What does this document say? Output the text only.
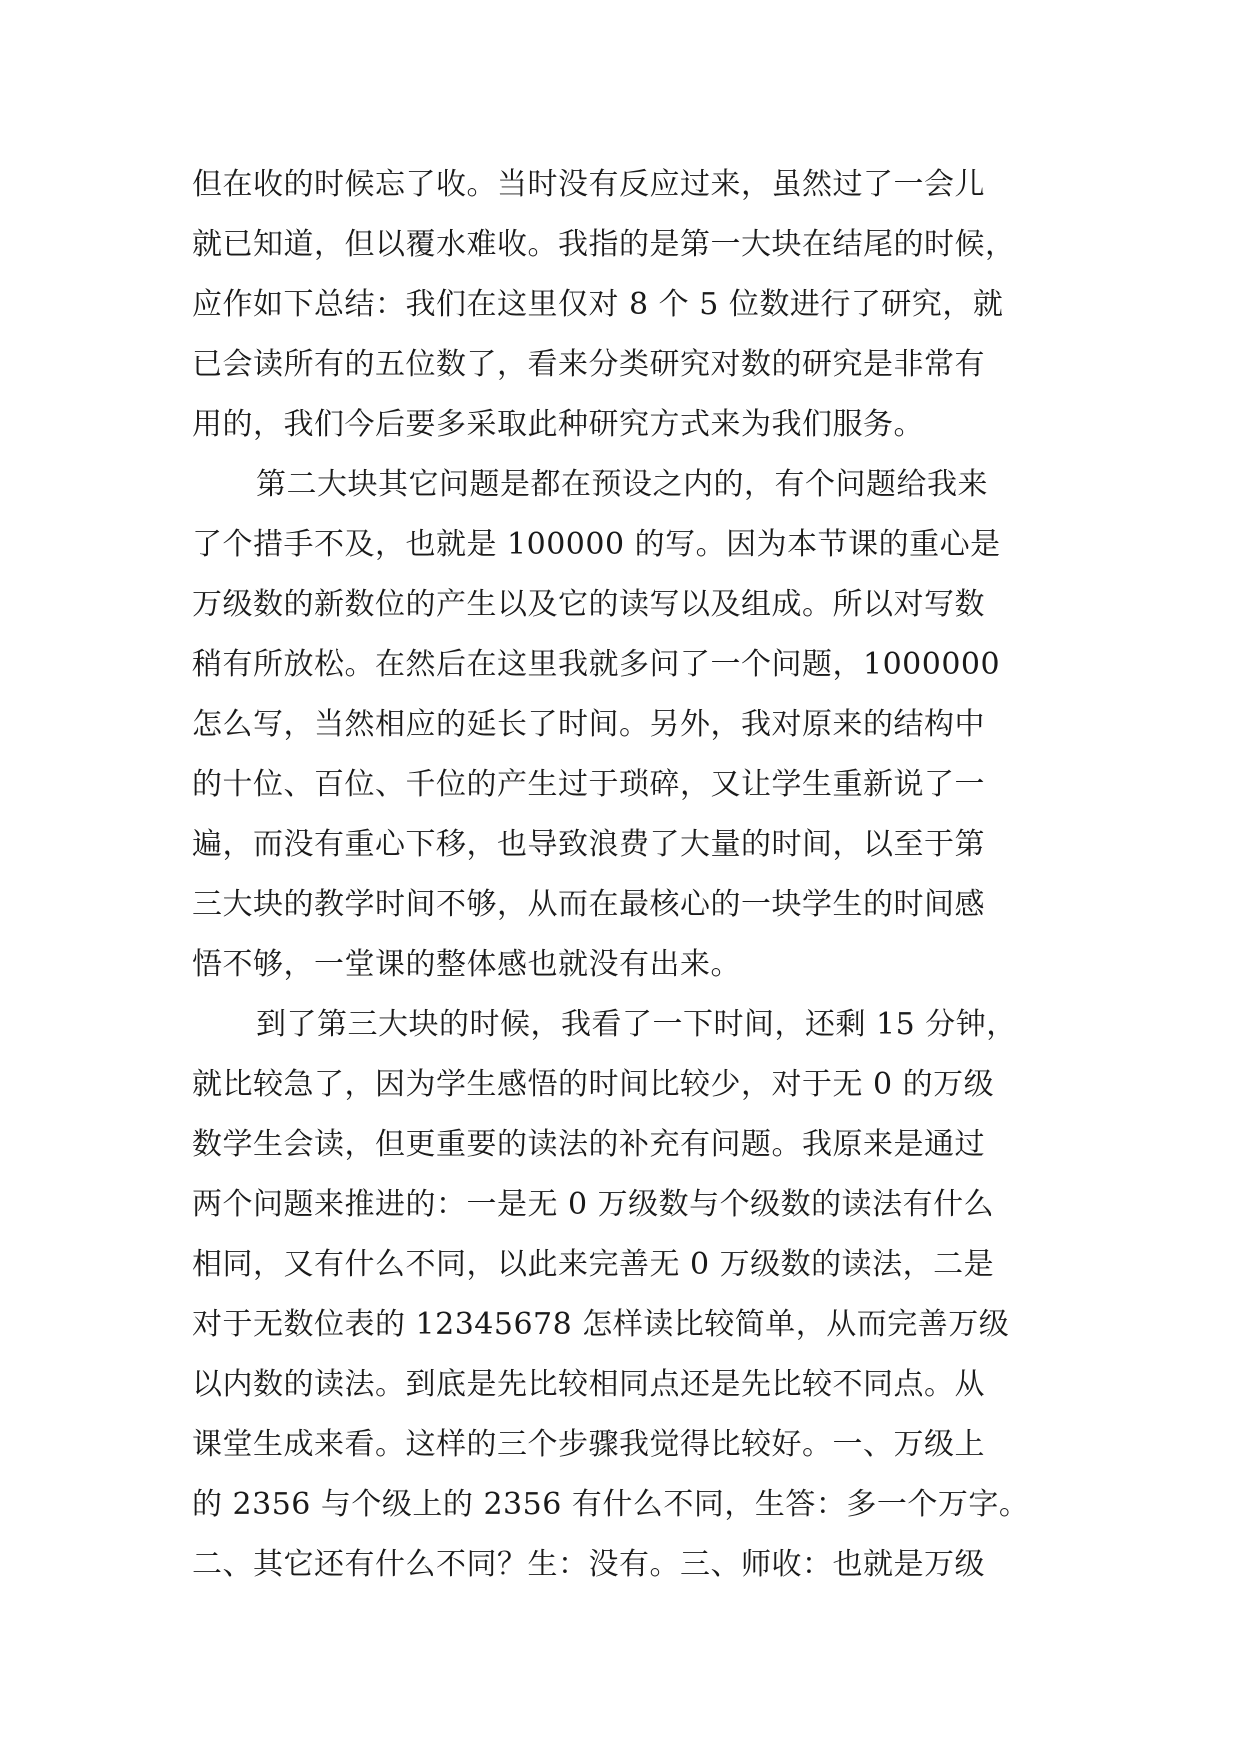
但在收的时候忘了收。当时没有反应过来，虽然过了一会儿
就已知道，但以覆水难收。我指的是第一大块在结尾的时候，
应作如下总结：我们在这里仅对 8 个 5 位数进行了研究，就
已会读所有的五位数了，看来分类研究对数的研究是非常有
用的，我们今后要多采取此种研究方式来为我们服务。
第二大块其它问题是都在预设之内的，有个问题给我来
了个措手不及，也就是 100000 的写。因为本节课的重心是
万级数的新数位的产生以及它的读写以及组成。所以对写数
稍有所放松。在然后在这里我就多问了一个问题，1000000
怎么写，当然相应的延长了时间。另外，我对原来的结构中
的十位、百位、千位的产生过于琐碎，又让学生重新说了一
遍，而没有重心下移，也导致浪费了大量的时间，以至于第
三大块的教学时间不够，从而在最核心的一块学生的时间感
悟不够，一堂课的整体感也就没有出来。
到了第三大块的时候，我看了一下时间，还剩 15 分钟，
就比较急了，因为学生感悟的时间比较少，对于无 0 的万级
数学生会读，但更重要的读法的补充有问题。我原来是通过
两个问题来推进的：一是无 0 万级数与个级数的读法有什么
相同，又有什么不同，以此来完善无 0 万级数的读法，二是
对于无数位表的 12345678 怎样读比较简单，从而完善万级
以内数的读法。到底是先比较相同点还是先比较不同点。从
课堂生成来看。这样的三个步骤我觉得比较好。一、万级上
的 2356 与个级上的 2356 有什么不同，生答：多一个万字。
二、其它还有什么不同？生：没有。三、师收：也就是万级
